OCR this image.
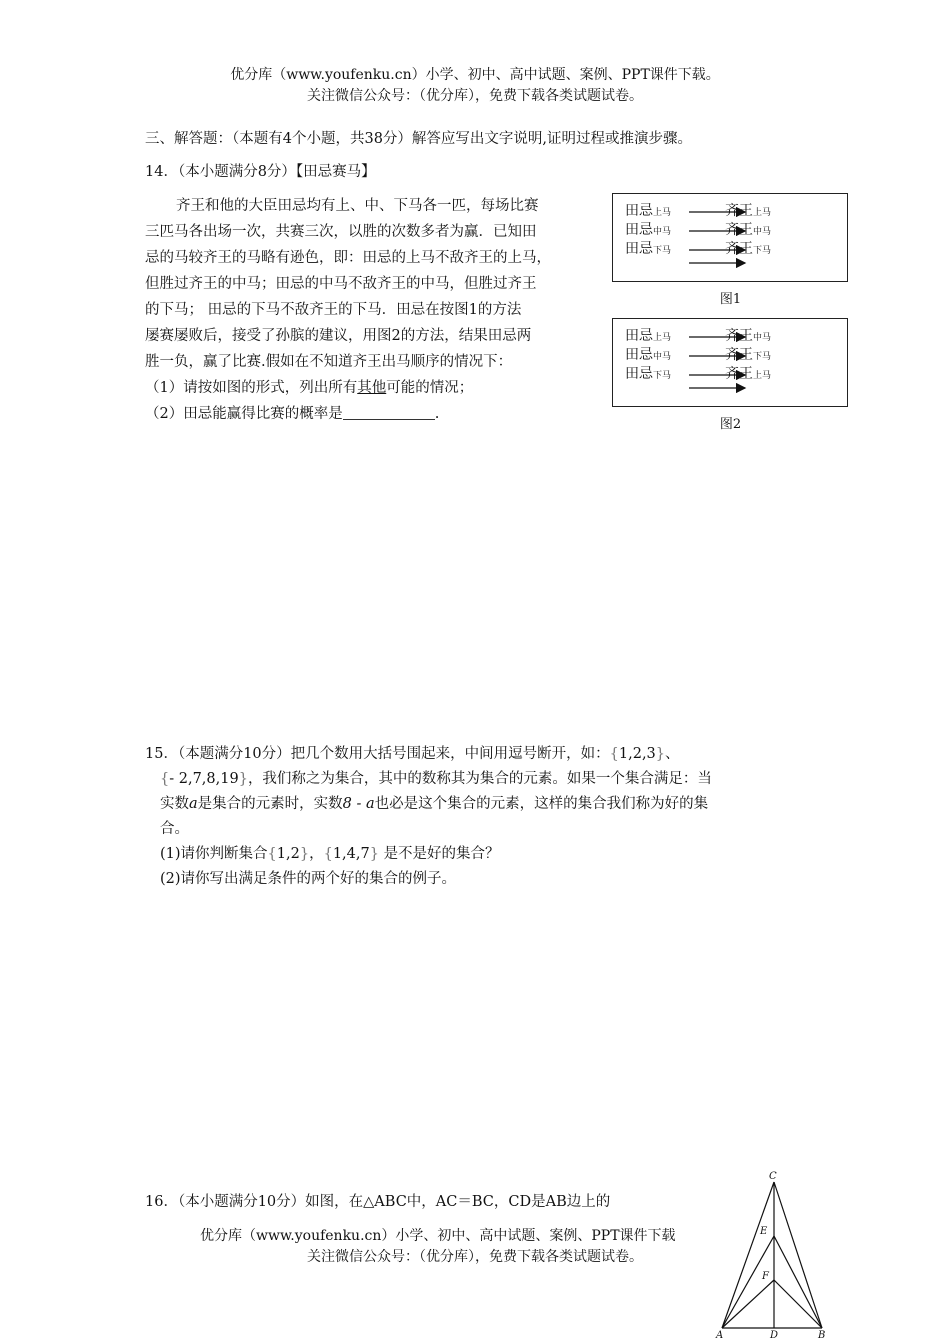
优分库（www.youfenku.cn）小学、初中、高中试题、案例、PPT课件下载。
关注微信公众号：（优分库），免费下载各类试题试卷。
三、解答题：（本题有4个小题，共38分）解答应写出文字说明,证明过程或推演步骤。
14．（本小题满分8分）【田忌赛马】
齐王和他的大臣田忌均有上、中、下马各一匹，每场比赛
三匹马各出场一次，共赛三次，以胜的次数多者为赢．已知田
忌的马较齐王的马略有逊色，即：田忌的上马不敌齐王的上马，
但胜过齐王的中马；田忌的中马不敌齐王的中马，但胜过齐王
的下马； 田忌的下马不敌齐王的下马．田忌在按图1的方法
屡赛屡败后，接受了孙膑的建议，用图2的方法，结果田忌两
胜一负，赢了比赛.假如在不知道齐王出马顺序的情况下：
（1）请按如图的形式，列出所有其他可能的情况；
（2）田忌能赢得比赛的概率是	.
田忌上马
田忌中马
田忌下马
齐王上马
齐王中马
齐王下马
图1
田忌上马
田忌中马
田忌下马
齐王中马
齐王下马
齐王上马
图2
15．（本题满分10分）把几个数用大括号围起来，中间用逗号断开，如：{1,2,3}、
{- 2,7,8,19}，我们称之为集合，其中的数称其为集合的元素。如果一个集合满足：当
实数a是集合的元素时，实数8 - a也必是这个集合的元素，这样的集合我们称为好的集
合。
(1)请你判断集合{1,2}，{1,4,7} 是不是好的集合？
(2)请你写出满足条件的两个好的集合的例子。
16．（本小题满分10分）如图，在△ABC中，AC＝BC，CD是AB边上的
优分库（www.youfenku.cn）小学、初中、高中试题、案例、PPT课件下载
关注微信公众号：（优分库），免费下载各类试题试卷。
C
E
F
A	D	B
